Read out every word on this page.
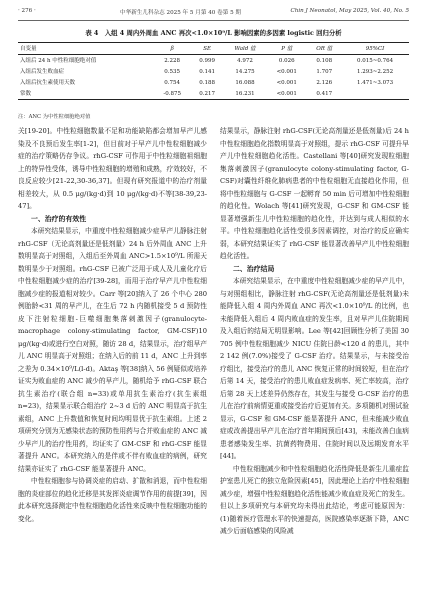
· 276 ·	中华新生儿科杂志 2025 年 5 月第 40 卷第 5 期	Chin J Neonatol, May 2025, Vol. 40, No. 5
表 4　入组 4 周内外周血 ANC 再次<1.0×10⁹/L 影响因素的多因素 logistic 回归分析
自变量	β	SE	Wald 值	P 值	OR 值	95%CI
入组后 24 h 中性粒细胞绝对值	2.228	0.999	4.972	0.026	0.108	0.015~0.764
入组后发生败血症	0.535	0.141	14.275	<0.001	1.707	1.293~2.252
入组后抗生素使用天数	0.754	0.188	16.088	<0.001	2.126	1.471~3.073
常数	-0.875	0.217	16.231	<0.001	0.417	
注：ANC 为中性粒细胞绝对值

关[19-20]。中性粒细胞数量不足和功能缺陷都会增加早产儿感染及不良预后发生率[1-2]，但目前对于早产儿中性粒细胞减少症的治疗策略仍存争议。rhG-CSF 可作用于中性粒细胞祖细胞上的特异性受体，诱导中性粒细胞的增殖和成熟，疗效较好，不良反应较少[21-22,30-36,37]。但现有研究报道中的治疗剂量相差较大，从 0.5 μg/(kg·d)到 10 μg/(kg·d)不等[38-39,23-47]。

一、治疗的有效性

本研究结果显示，中重度中性粒细胞减少症早产儿静脉注射 rhG-CSF（无论高剂量还是低剂量）24 h 后外周血 ANC 上升数明显高于对照组，入组后至外周血 ANC>1.5×10⁹/L 所需天数明显少于对照组。rhG-CSF 已被广泛用于成人及儿童化疗后中性粒细胞减少症的治疗[39-28]，而用于治疗早产儿中性粒细胞减少症的报道相对较少。Carr 等[20]纳入了 26 个中心 280 例胎龄<31 周的早产儿，在生后 72 h 内随机接受 5 d 预防性皮下注射粒细胞-巨噬细胞集落刺激因子(granulocyte-macrophage colony-stimulating factor, GM-CSF)10 μg/(kg·d)或进行空白对照，随访 28 d，结果显示，治疗组早产儿 ANC 明显高于对照组；在纳入后的前 11 d，ANC 上升到率之差为 0.34×10⁹/L(l-d)。Aktaş 等[38]纳入 56 例疑似或培养证实为败血症的 ANC 减少的早产儿，随机给予 rhG-CSF 联合抗生素治疗(联合组 n=33)或单用抗生素治疗(抗生素组 n=23)，结果显示联合组治疗 2~3 d 后的 ANC 明显高于抗生素组，ANC 上升数值和恢复时间均明显优于抗生素组。上述 2 项研究分别为无感染状态的预防性用药与合并败血症的 ANC 减少早产儿的治疗性用药，均证实了 GM-CSF 和 rhG-CSF 能显著提升 ANC。本研究纳入的是伴或不伴有败血症的病例，研究结果亦证实了 rhG-CSF 能显著提升 ANC。

中性粒细胞参与协调炎症的启动、扩散和消退，而中性粒细胞的炎症部位的趋化迁移是其发挥炎症调节作用的前提[39]，因此本研究选择测定中性粒细胞趋化活性来反映中性粒细胞功能的变化。

结果显示，静脉注射 rhG-CSF(无论高剂量还是低剂量)后 24 h 中性粒细胞趋化指数明显高于对照组，提示 rhG-CSF 可提升早产儿中性粒细胞趋化活性。Castellani 等[40]研究发现粒细胞集落刺激因子(granulocyte colony-stimulating factor, G-CSF)对囊性纤维化肺病患者的中性粒细胞无直接趋化作用，但将中性粒细胞与 G-CSF 一起孵育 50 min 后可增加中性粒细胞的趋化性。Wolach 等[41]研究发现，G-CSF 和 GM-CSF 能显著增强新生儿中性粒细胞的趋化性，并达到与成人相似的水平。中性粒细胞趋化活性受很多因素调控，对治疗的反应确实弱，本研究结果证实了 rhG-CSF 能显著改善早产儿中性粒细胞趋化活性。

二、治疗结局

本研究结果显示，在中重度中性粒细胞减少症的早产儿中，与对照组相比，静脉注射 rhG-CSF(无论高剂量还是低剂量)未能降低入组 4 周内外周血 ANC 再次<1.0×10⁹/L 的比例，也未能降低入组后 4 周内败血症的发生率，且对早产儿住院期间及入组后的结局无明显影响。Lee 等[42]回顾性分析了美国 30 705 例中性粒细胞减少 NICU 住院日龄<120 d 的患儿，其中 2 142 例(7.0%)接受了 G-CSF 治疗。结果显示，与未接受治疗组比，接受治疗的患儿 ANC 恢复正常的时间较短，但在治疗后第 14 天，接受治疗的患儿败血症发病率、死亡率较高，治疗后第 28 天上述差异仍然存在，其发生与接受 G-CSF 治疗的患儿在治疗前病情更重或接受治疗后更加有关。多项随机对照试验显示，G-CSF 和 GM-CSF 能显著提升 ANC，但未能减少败血症或改善提出早产儿在治疗首年期间预后[43]，未能改善白血病患者感染发生率、抗菌药物费用、住院时间以及远期发育水平[44]。

中性粒细胞减少和中性粒细胞趋化活性降低是新生儿重症监护室患儿死亡的独立危险因素[45]，因此理论上治疗中性粒细胞减少症，增强中性粒细胞趋化活性能减少败血症及死亡的发生。但以上多项研究与本研究均未得出此结论，考虑可能原因为：(1)随着医疗管理水平的快速提高，医院感染率逐渐下降，ANC 减少后面临感染的风险减
